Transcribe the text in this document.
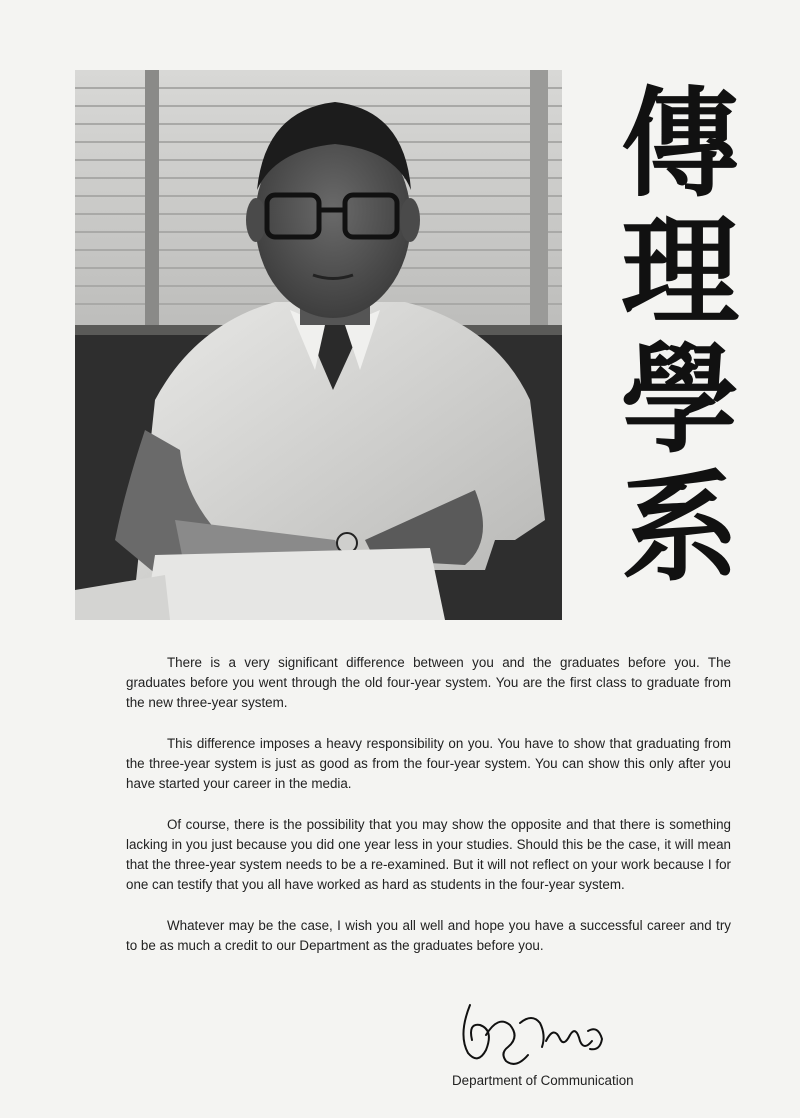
傳
理
學
系

There is a very significant difference between you and the graduates before you. The graduates before you went through the old four-year system. You are the first class to graduate from the new three-year system.

This difference imposes a heavy responsibility on you. You have to show that graduating from the three-year system is just as good as from the four-year system. You can show this only after you have started your career in the media.

Of course, there is the possibility that you may show the opposite and that there is something lacking in you just because you did one year less in your studies. Should this be the case, it will mean that the three-year system needs to be a re-examined. But it will not reflect on your work because I for one can testify that you all have worked as hard as students in the four-year system.

Whatever may be the case, I wish you all well and hope you have a successful career and try to be as much a credit to our Department as the graduates before you.

Department of Communication
